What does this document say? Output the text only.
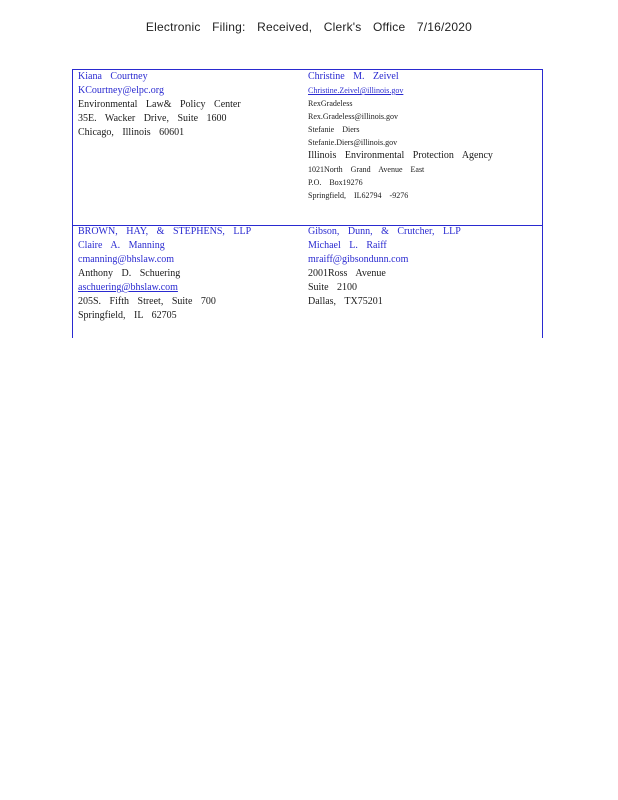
Electronic Filing: Received, Clerk's Office 7/16/2020
Kiana Courtney
KCourtney@elpc.org
Environmental Law& Policy Center
35E. Wacker Drive, Suite 1600
Chicago, Illinois 60601
Christine M. Zeivel
Christine.Zeivel@illinois.gov
RexGradeless
Rex.Gradeless@illinois.gov
Stefanie Diers
Stefanie.Diers@illinois.gov
Illinois Environmental Protection Agency
1021North Grand Avenue East
P.O. Box19276
Springfield, IL62794 -9276
BROWN, HAY, & STEPHENS, LLP
Claire A. Manning
cmanning@bhslaw.com
Anthony D. Schuering
aschuering@bhslaw.com
205S. Fifth Street, Suite 700
Springfield, IL 62705
Gibson, Dunn, & Crutcher, LLP
Michael L. Raiff
mraiff@gibsondunn.com
2001Ross Avenue
Suite 2100
Dallas, TX75201
